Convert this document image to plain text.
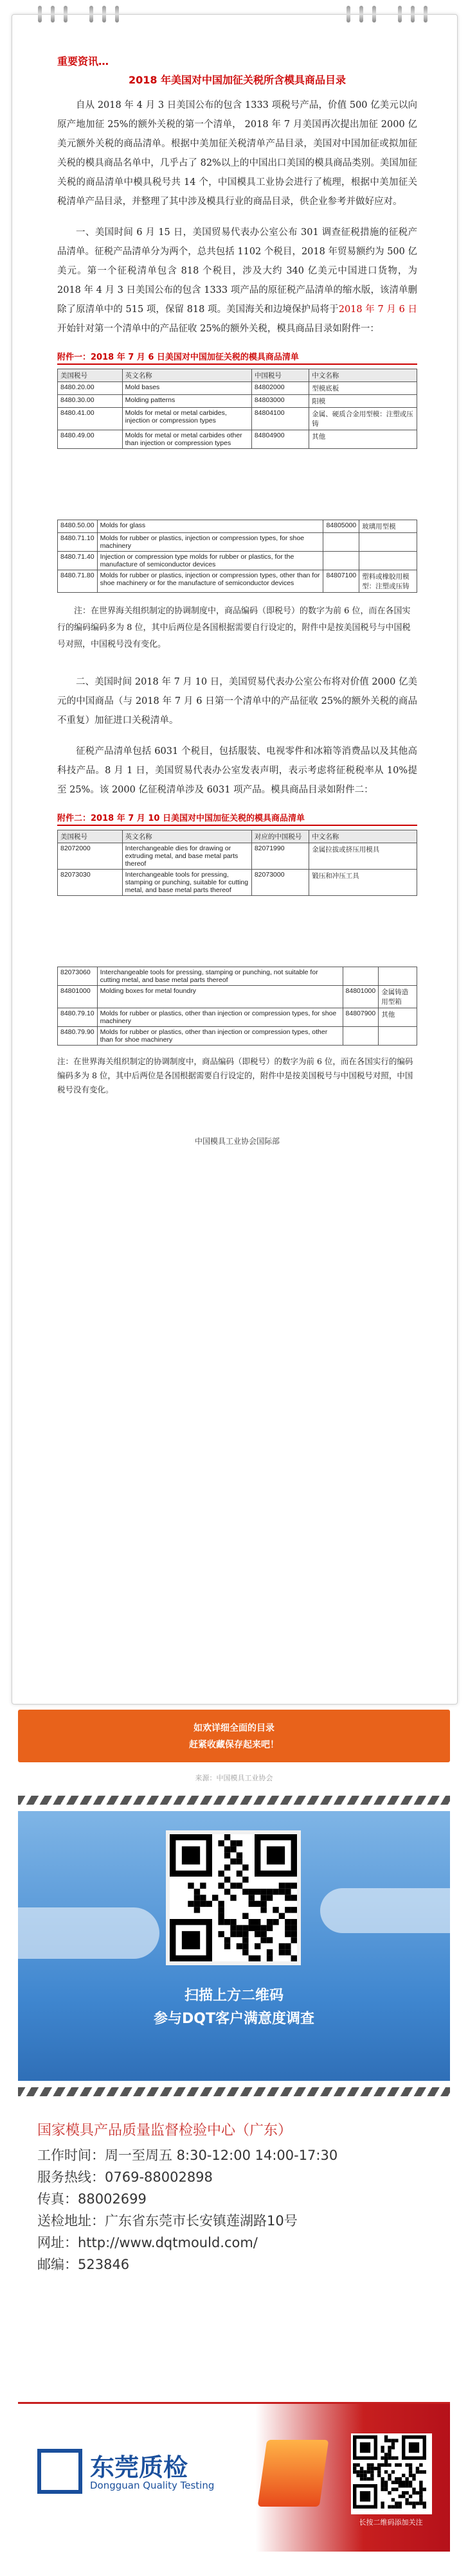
重要资讯…
2018 年美国对中国加征关税所含模具商品目录

自从 2018 年 4 月 3 日美国公布的包含 1333 项税号产品，价值 500 亿美元以向原产地加征 25%的额外关税的第一个清单， 2018 年 7 月美国再次提出加征 2000 亿美元额外关税的商品清单。根据中美加征关税清单产品目录，美国对中国加征或拟加征关税的模具商品名单中，几乎占了 82%以上的中国出口美国的模具商品类别。美国加征关税的商品清单中模具税号共 14 个，中国模具工业协会进行了梳理，根据中美加征关税清单产品目录，并整理了其中涉及模具行业的商品目录，供企业参考并做好应对。

一、美国时间 6 月 15 日，美国贸易代表办公室公布 301 调查征税措施的征税产品清单。征税产品清单分为两个，总共包括 1102 个税目，2018 年贸易额约为 500 亿美元。第一个征税清单包含 818 个税目，涉及大约 340 亿美元中国进口货物，为 2018 年 4 月 3 日美国公布的包含 1333 项产品的原征税产品清单的缩水版，该清单删除了原清单中的 515 项，保留 818 项。美国海关和边境保护局将于2018 年 7 月 6 日开始针对第一个清单中的产品征收 25%的额外关税，模具商品目录如附件一：

附件一：2018 年 7 月 6 日美国对中国加征关税的模具商品清单
美国税号	英文名称	中国税号	中文名称
8480.20.00	Mold bases	84802000	型模底板
8480.30.00	Molding patterns	84803000	阳模
8480.41.00	Molds for metal or metal carbides, injection or compression types	84804100	金属、硬质合金用型模：注塑或压铸
8480.49.00	Molds for metal or metal carbides other than injection or compression types	84804900	其他
8480.50.00	Molds for glass	84805000	玻璃用型模
8480.71.10	Molds for rubber or plastics, injection or compression types, for shoe machinery		
8480.71.40	Injection or compression type molds for rubber or plastics, for the manufacture of semiconductor devices		
8480.71.80	Molds for rubber or plastics, injection or compression types, other than for shoe machinery or for the manufacture of semiconductor devices	84807100	塑料或橡胶用模型：注塑或压铸

注：在世界海关组织制定的协调制度中，商品编码（即税号）的数字为前 6 位，而在各国实行的编码编码多为 8 位，其中后两位是各国根据需要自行设定的，附件中是按美国税号与中国税号对照，中国税号没有变化。

二、美国时间 2018 年 7 月 10 日，美国贸易代表办公室公布将对价值 2000 亿美元的中国商品（与 2018 年 7 月 6 日第一个清单中的产品征收 25%的额外关税的商品不重复）加征进口关税清单。

征税产品清单包括 6031 个税目，包括服装、电视零件和冰箱等消费品以及其他高科技产品。8 月 1 日，美国贸易代表办公室发表声明，表示考虑将征税税率从 10%提至 25%。该 2000 亿征税清单涉及 6031 项产品。模具商品目录如附件二：

附件二：2018 年 7 月 10 日美国对中国加征关税的模具商品清单
美国税号	英文名称	对应的中国税号	中文名称
82072000	Interchangeable dies for drawing or extruding metal, and base metal parts thereof	82071990	金属拉拔或挤压用模具
82073030	Interchangeable tools for pressing, stamping or punching, suitable for cutting metal, and base metal parts thereof	82073000	锻压和冲压工具
82073060	Interchangeable tools for pressing, stamping or punching, not suitable for cutting metal, and base metal parts thereof		
84801000	Molding boxes for metal foundry	84801000	金属铸造用型箱
8480.79.10	Molds for rubber or plastics, other than injection or compression types, for shoe machinery	84807900	其他
8480.79.90	Molds for rubber or plastics, other than injection or compression types, other than for shoe machinery		

注：在世界海关组织制定的协调制度中，商品编码（即税号）的数字为前 6 位，而在各国实行的编码编码多为 8 位，其中后两位是各国根据需要自行设定的，附件中是按美国税号与中国税号对照，中国税号没有变化。

中国模具工业协会国际部
如欢详细全面的目录
赶紧收藏保存起来吧！
来源：中国模具工业协会
扫描上方二维码
参与DQT客户满意度调查
国家模具产品质量监督检验中心（广东）
工作时间：周一至周五 8:30-12:00 14:00-17:30
服务热线：0769-88002898
传真：88002699
送检地址：广东省东莞市长安镇莲湖路10号
网址：http://www.dqtmould.com/
邮编：523846
东莞质检
Dongguan Quality Testing
长按二维码添加关注
